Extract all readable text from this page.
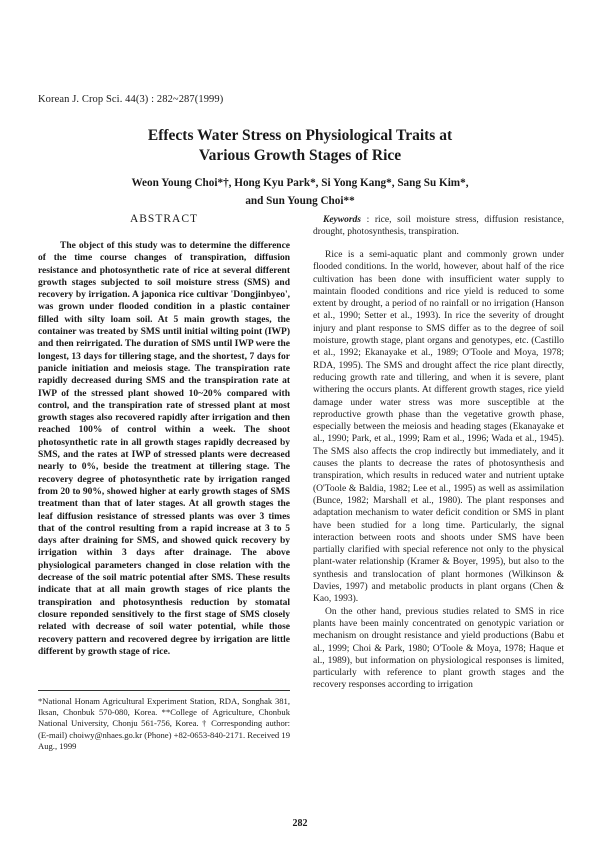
Korean J. Crop Sci. 44(3) : 282~287(1999)
Effects Water Stress on Physiological Traits at
Various Growth Stages of Rice
Weon Young Choi*†, Hong Kyu Park*, Si Yong Kang*, Sang Su Kim*,
and Sun Young Choi**
ABSTRACT
The object of this study was to determine the difference of the time course changes of transpiration, diffusion resistance and photosynthetic rate of rice at several different growth stages subjected to soil moisture stress (SMS) and recovery by irrigation. A japonica rice cultivar 'Dongjinbyeo', was grown under flooded condition in a plastic container filled with silty loam soil. At 5 main growth stages, the container was treated by SMS until initial wilting point (IWP) and then reirrigated. The duration of SMS until IWP were the longest, 13 days for tillering stage, and the shortest, 7 days for panicle initiation and meiosis stage. The transpiration rate rapidly decreased during SMS and the transpiration rate at IWP of the stressed plant showed 10~20% compared with control, and the transpiration rate of stressed plant at most growth stages also recovered rapidly after irrigation and then reached 100% of control within a week. The shoot photosynthetic rate in all growth stages rapidly decreased by SMS, and the rates at IWP of stressed plants were decreased nearly to 0%, beside the treatment at tillering stage. The recovery degree of photosynthetic rate by irrigation ranged from 20 to 90%, showed higher at early growth stages of SMS treatment than that of later stages. At all growth stages the leaf diffusion resistance of stressed plants was over 3 times that of the control resulting from a rapid increase at 3 to 5 days after draining for SMS, and showed quick recovery by irrigation within 3 days after drainage. The above physiological parameters changed in close relation with the decrease of the soil matric potential after SMS. These results indicate that at all main growth stages of rice plants the transpiration and photosynthesis reduction by stomatal closure reponded sensitively to the first stage of SMS closely related with decrease of soil water potential, while those recovery pattern and recovered degree by irrigation are little different by growth stage of rice.
*National Honam Agricultural Experiment Station, RDA, Songhak 381, Iksan, Chonbuk 570-080, Korea. **College of Agriculture, Chonbuk National University, Chonju 561-756, Korea. † Corresponding author:(E-mail) choiwy@nhaes.go.kr (Phone) +82-0653-840-2171. Received 19 Aug., 1999
Keywords : rice, soil moisture stress, diffusion resistance, drought, photosynthesis, transpiration.

Rice is a semi-aquatic plant and commonly grown under flooded conditions. In the world, however, about half of the rice cultivation has been done with insufficient water supply to maintain flooded conditions and rice yield is reduced to some extent by drought, a period of no rainfall or no irrigation (Hanson et al., 1990; Setter et al., 1993). In rice the severity of drought injury and plant response to SMS differ as to the degree of soil moisture, growth stage, plant organs and genotypes, etc. (Castillo et al., 1992; Ekanayake et al., 1989; O'Toole and Moya, 1978; RDA, 1995). The SMS and drought affect the rice plant directly, reducing growth rate and tillering, and when it is severe, plant withering the occurs plants. At different growth stages, rice yield damage under water stress was more susceptible at the reproductive growth phase than the vegetative growth phase, especially between the meiosis and heading stages (Ekanayake et al., 1990; Park, et al., 1999; Ram et al., 1996; Wada et al., 1945). The SMS also affects the crop indirectly but immediately, and it causes the plants to decrease the rates of photosynthesis and transpiration, which results in reduced water and nutrient uptake (O'Toole & Baldia, 1982; Lee et al., 1995) as well as assimilation (Bunce, 1982; Marshall et al., 1980). The plant responses and adaptation mechanism to water deficit condition or SMS in plant have been studied for a long time. Particularly, the signal interaction between roots and shoots under SMS have been partially clarified with special reference not only to the physical plant-water relationship (Kramer & Boyer, 1995), but also to the synthesis and translocation of plant hormones (Wilkinson & Davies, 1997) and metabolic products in plant organs (Chen & Kao, 1993).

On the other hand, previous studies related to SMS in rice plants have been mainly concentrated on genotypic variation or mechanism on drought resistance and yield productions (Babu et al., 1999; Choi & Park, 1980; O'Toole & Moya, 1978; Haque et al., 1989), but information on physiological responses is limited, particularly with reference to plant growth stages and the recovery responses according to irrigation

282
